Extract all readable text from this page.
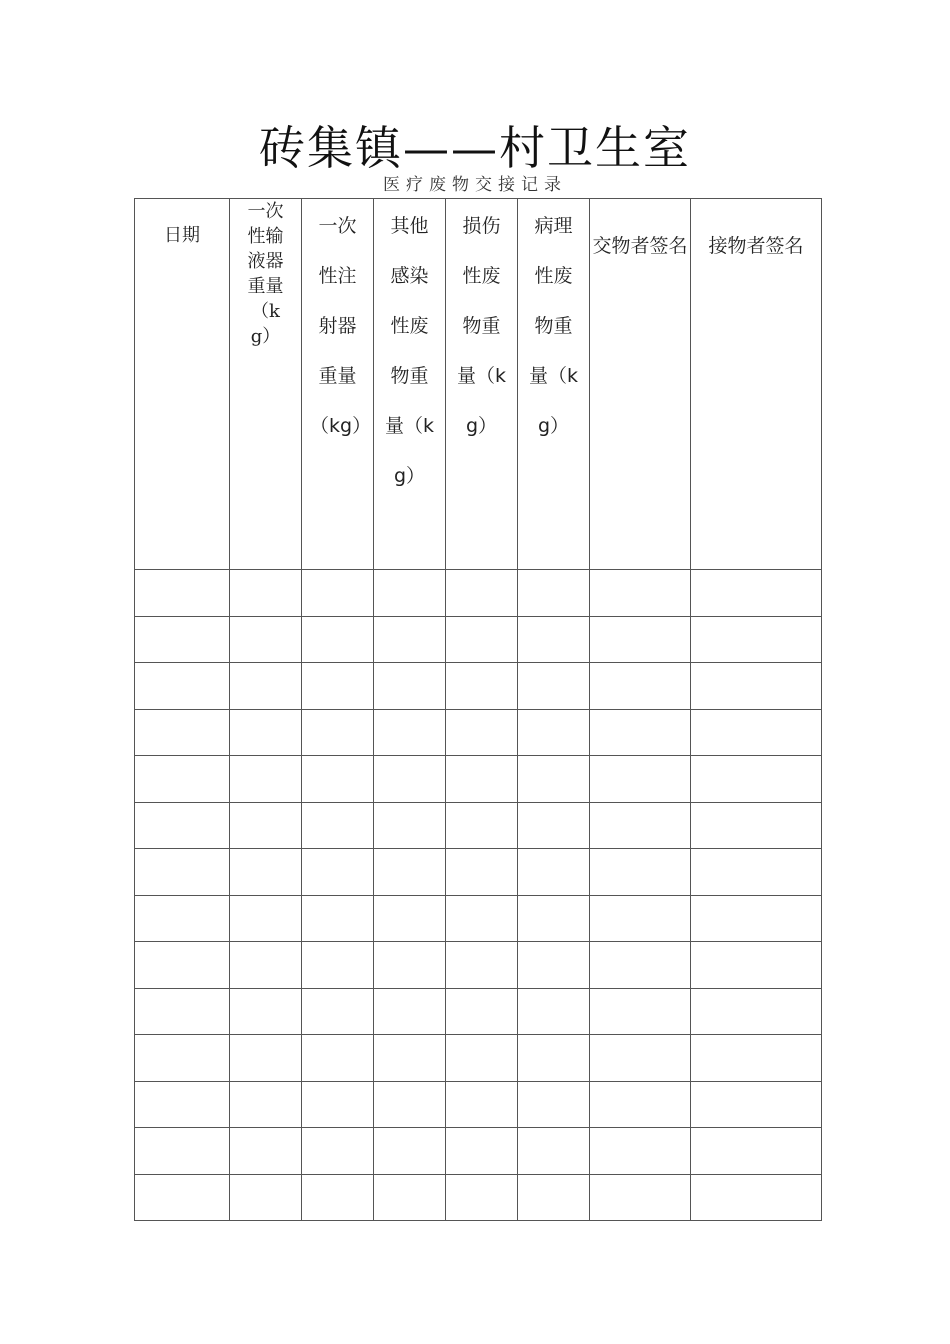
砖集镇——村卫生室
医疗废物交接记录
日期	一次性输液器重量（kg）	一次性注射器重量（kg）	其他感染性废物重量（kg）	损伤性废物重量（kg）	病理性废物重量（kg）	交物者签名	接物者签名
